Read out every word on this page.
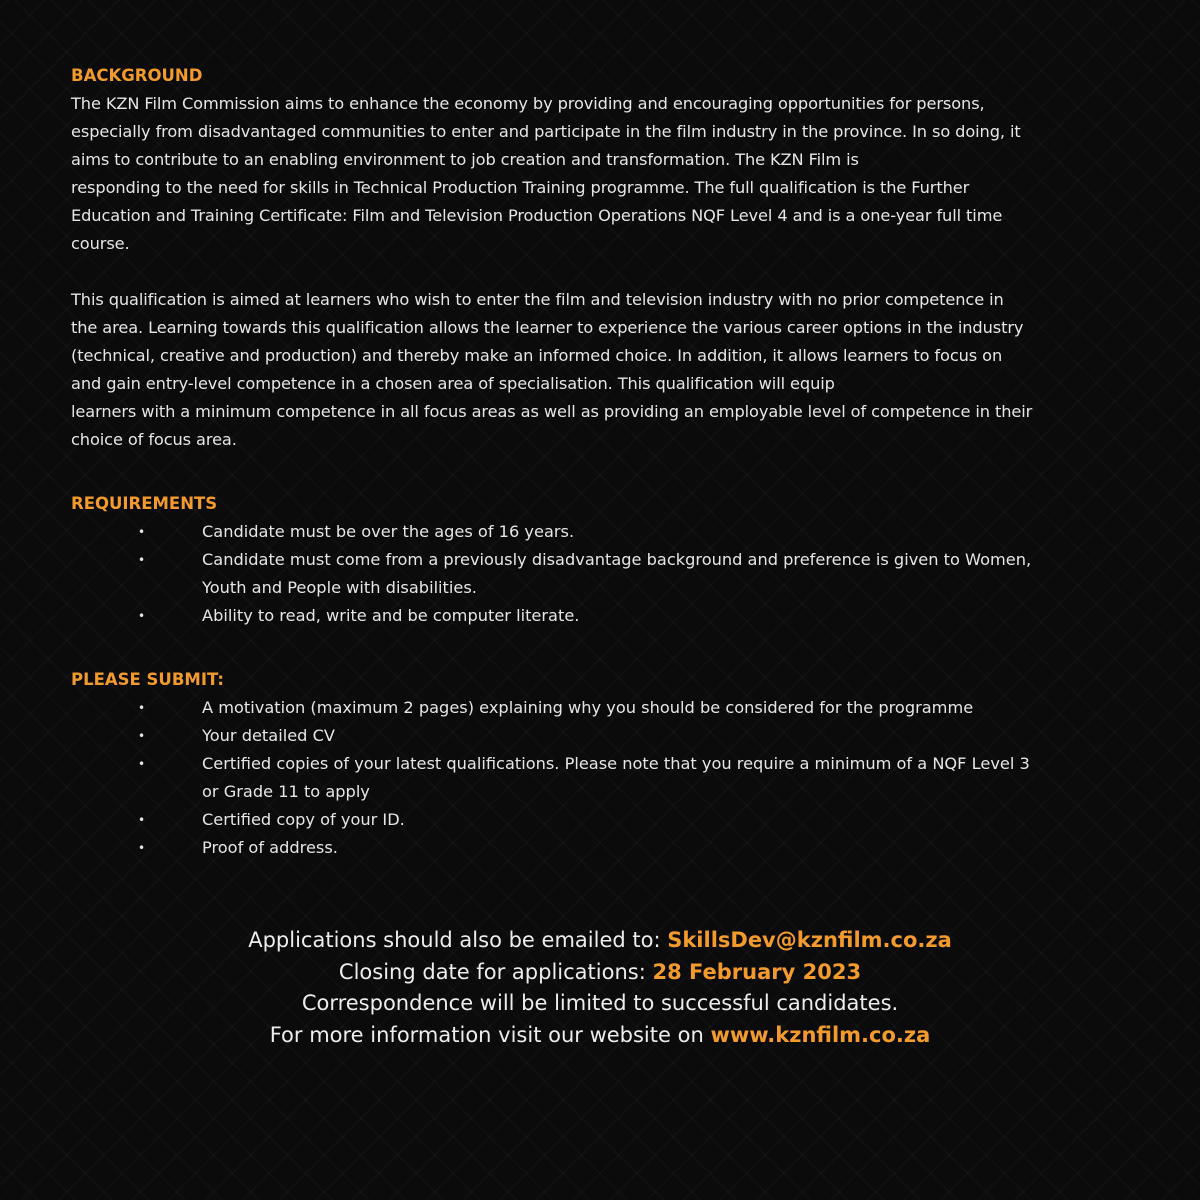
BACKGROUND

The KZN Film Commission aims to enhance the economy by providing and encouraging opportunities for persons,
especially from disadvantaged communities to enter and participate in the film industry in the province. In so doing, it
aims to contribute to an enabling environment to job creation and transformation. The KZN Film is
responding to the need for skills in Technical Production Training programme. The full qualification is the Further
Education and Training Certificate: Film and Television Production Operations NQF Level 4 and is a one-year full time
course.

This qualification is aimed at learners who wish to enter the film and television industry with no prior competence in
the area. Learning towards this qualification allows the learner to experience the various career options in the industry
(technical, creative and production) and thereby make an informed choice. In addition, it allows learners to focus on
and gain entry-level competence in a chosen area of specialisation. This qualification will equip
learners with a minimum competence in all focus areas as well as providing an employable level of competence in their
choice of focus area.

REQUIREMENTS
•	Candidate must be over the ages of 16 years.
•	Candidate must come from a previously disadvantage background and preference is given to Women,
Youth and People with disabilities.
•	Ability to read, write and be computer literate.
PLEASE SUBMIT:
•	A motivation (maximum 2 pages) explaining why you should be considered for the programme
•	Your detailed CV
•	Certified copies of your latest qualifications. Please note that you require a minimum of a NQF Level 3
or Grade 11 to apply
•	Certified copy of your ID.
•	Proof of address.
Applications should also be emailed to: SkillsDev@kznfilm.co.za
Closing date for applications: 28 February 2023
Correspondence will be limited to successful candidates.
For more information visit our website on www.kznfilm.co.za
